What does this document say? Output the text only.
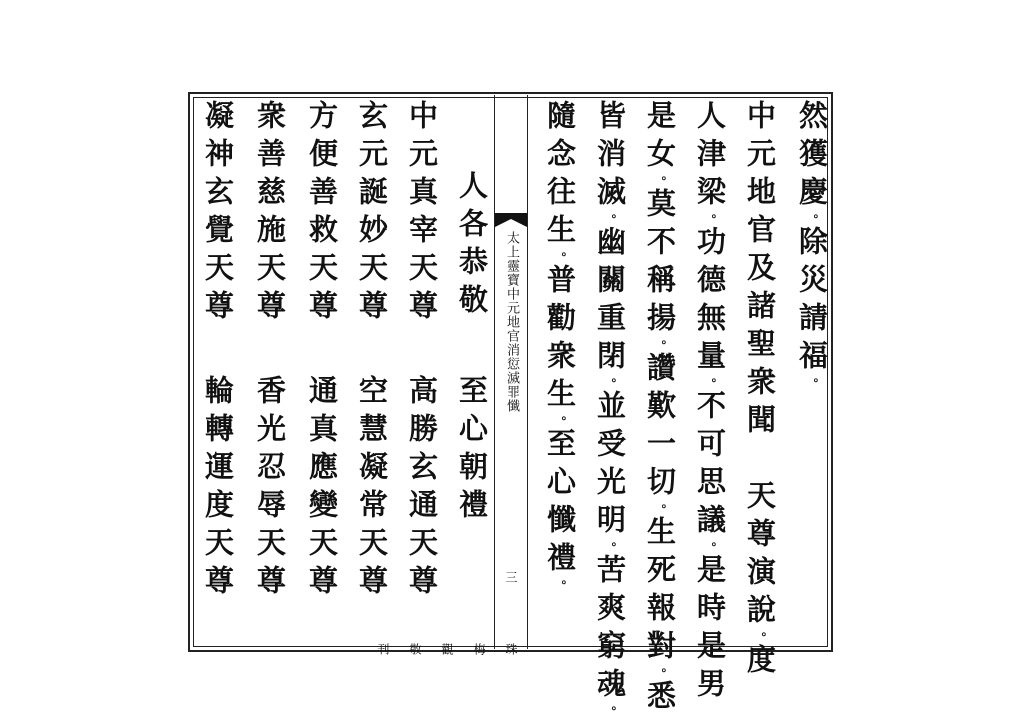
太上靈寶中元地官消愆滅罪懺
三
珠梅觀敬刊
然獲慶。除災請福。
中元地官及諸聖衆聞　天尊演說。度
人津梁。功德無量。不可思議。是時是男
是女。莫不稱揚。讚歎一切。生死報對。悉
皆消滅。幽關重閉。並受光明。苦爽窮魂。
隨念往生。普勸衆生。至心懺禮。
人各恭敬
至心朝禮
中元真宰天尊
高勝玄通天尊
玄元誕妙天尊
空慧凝常天尊
方便善救天尊
通真應變天尊
衆善慈施天尊
香光忍辱天尊
凝神玄覺天尊
輪轉運度天尊
